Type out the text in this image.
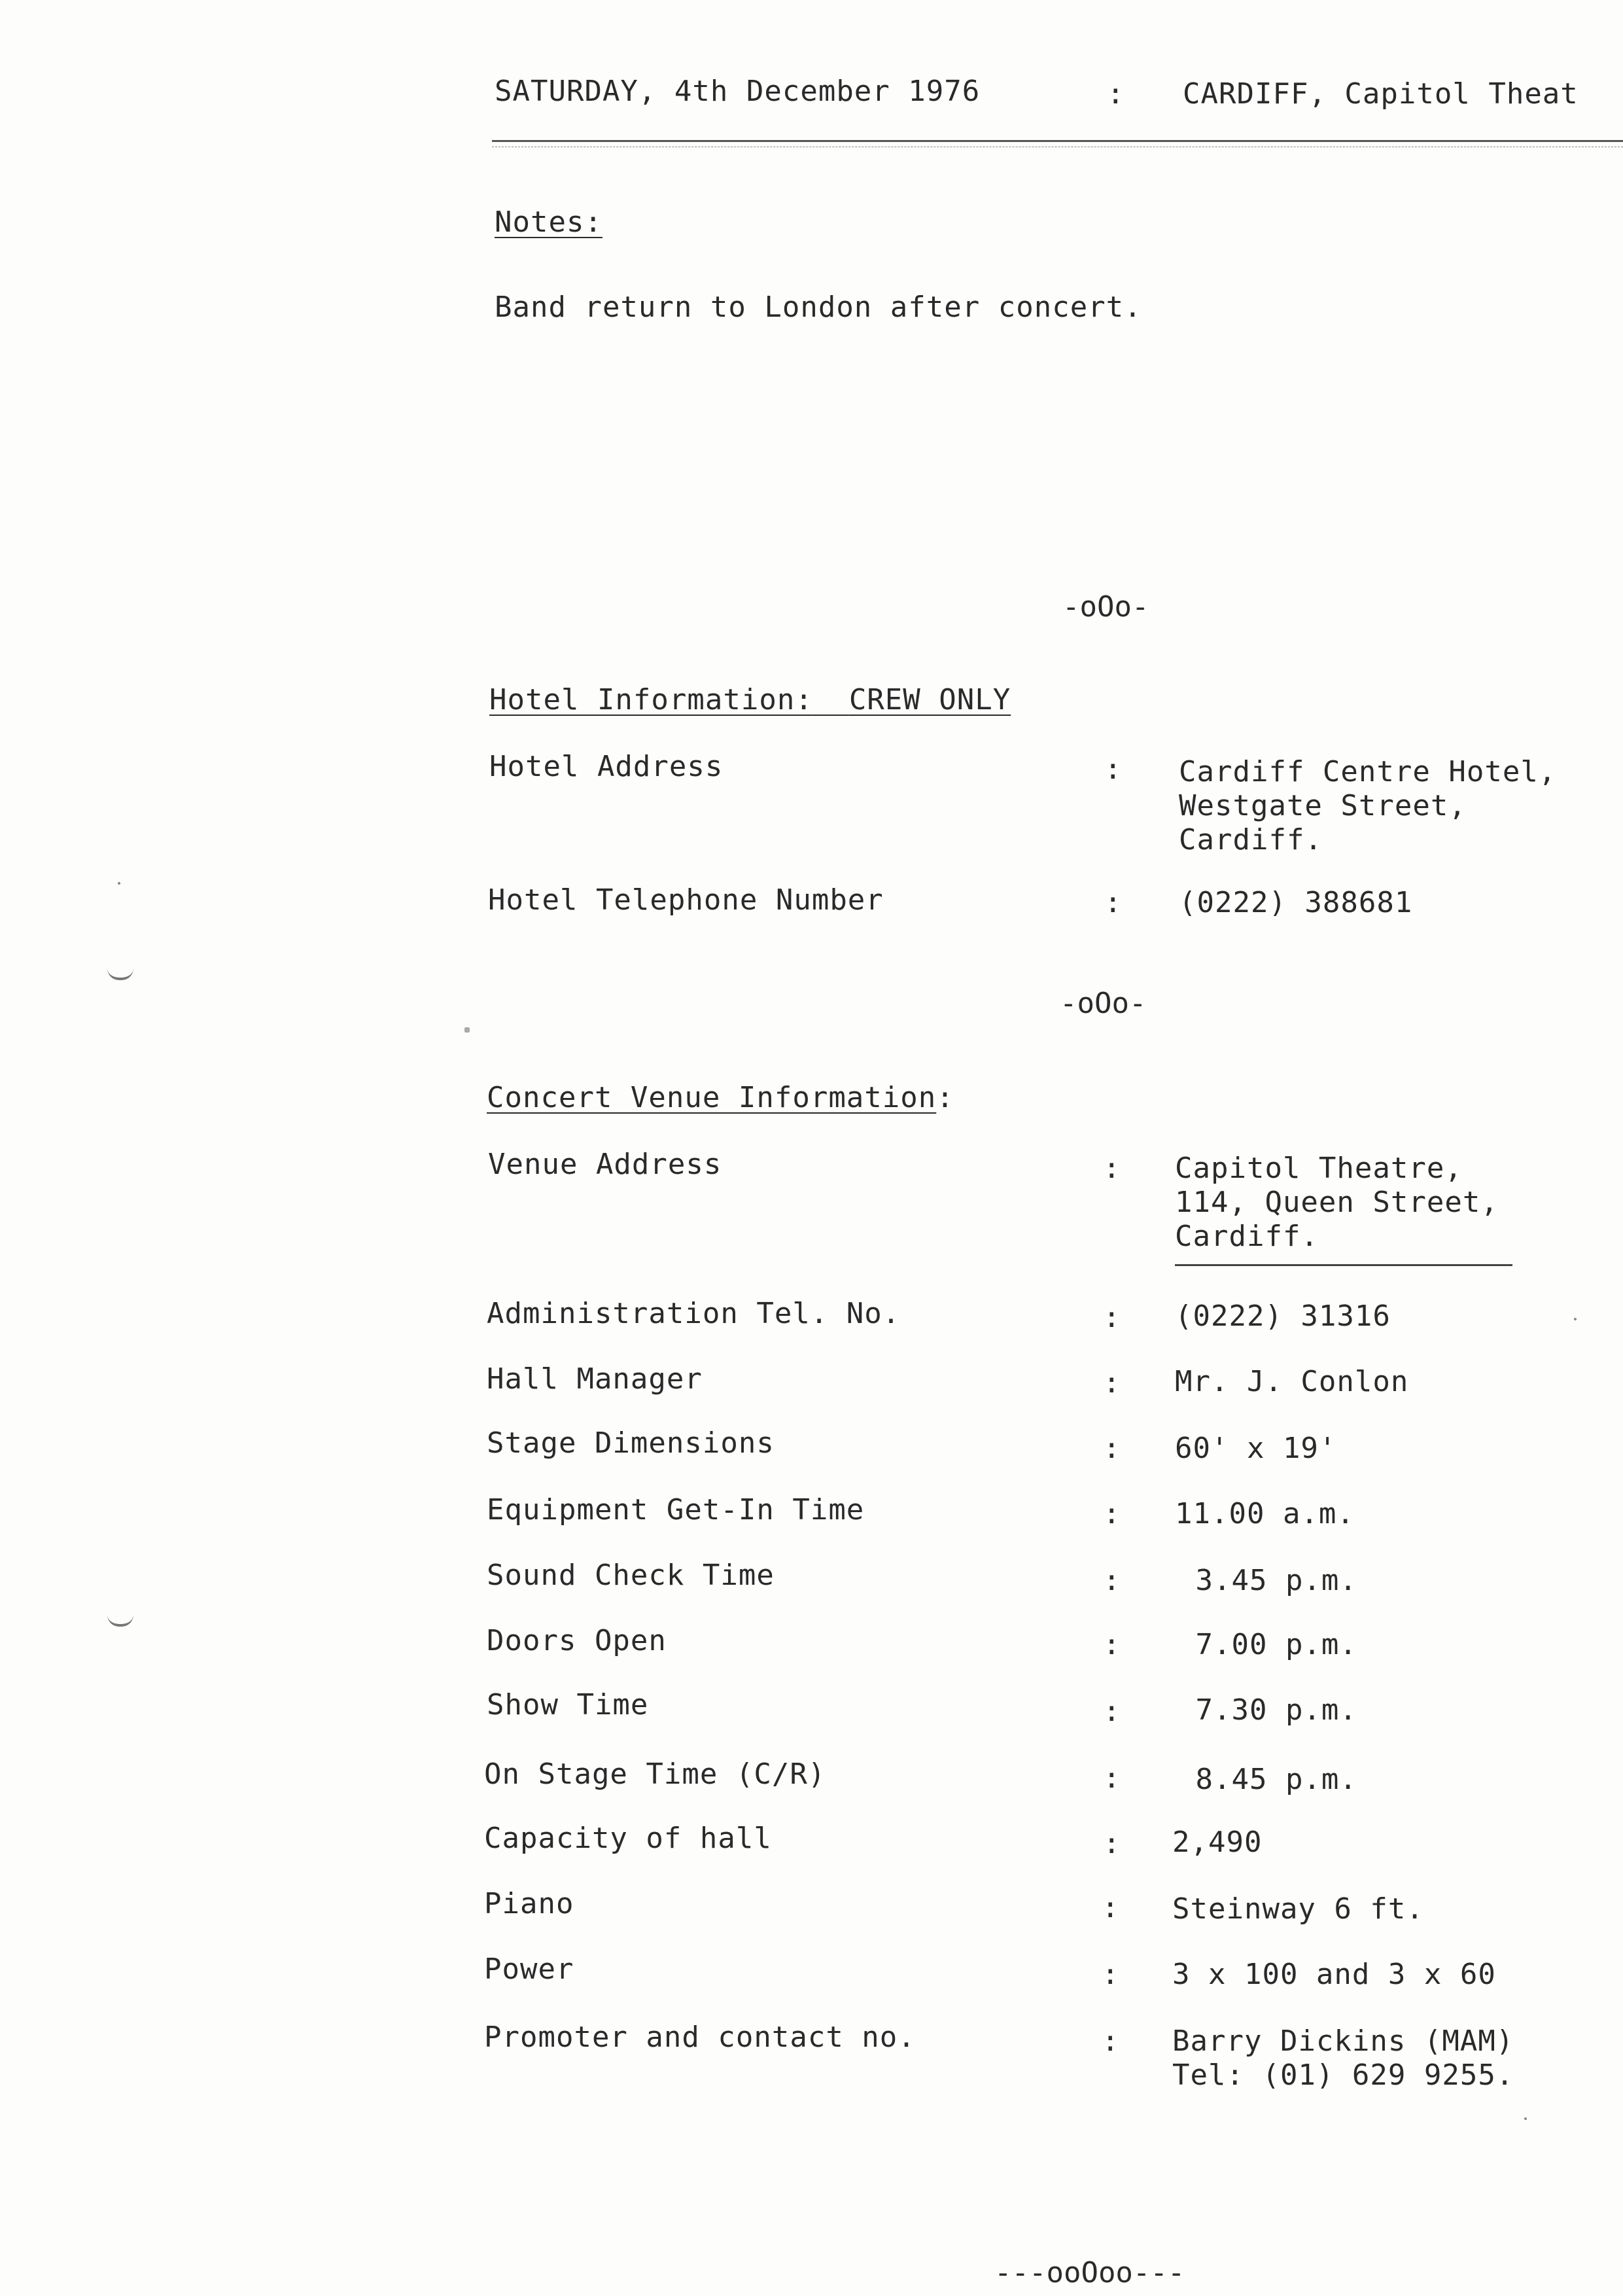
SATURDAY, 4th December 1976	: CARDIFF, Capitol Theat
Notes:
Band return to London after concert.
-oOo-
Hotel Information: CREW ONLY
Hotel Address	: Cardiff Centre Hotel,
Westgate Street,
Cardiff.
Hotel Telephone Number	: (0222) 388681
-oOo-
Concert Venue Information:
Venue Address	: Capitol Theatre,
114, Queen Street,
Cardiff.
Administration Tel. No.	: (0222) 31316
Hall Manager	: Mr. J. Conlon
Stage Dimensions	: 60' x 19'
Equipment Get-In Time	: 11.00 a.m.
Sound Check Time	: 3.45 p.m.
Doors Open	: 7.00 p.m.
Show Time	: 7.30 p.m.
On Stage Time (C/R)	: 8.45 p.m.
Capacity of hall	: 2,490
Piano	: Steinway 6 ft.
Power	: 3 x 100 and 3 x 60
Promoter and contact no.	: Barry Dickins (MAM)
Tel: (01) 629 9255.
---ooOoo---
